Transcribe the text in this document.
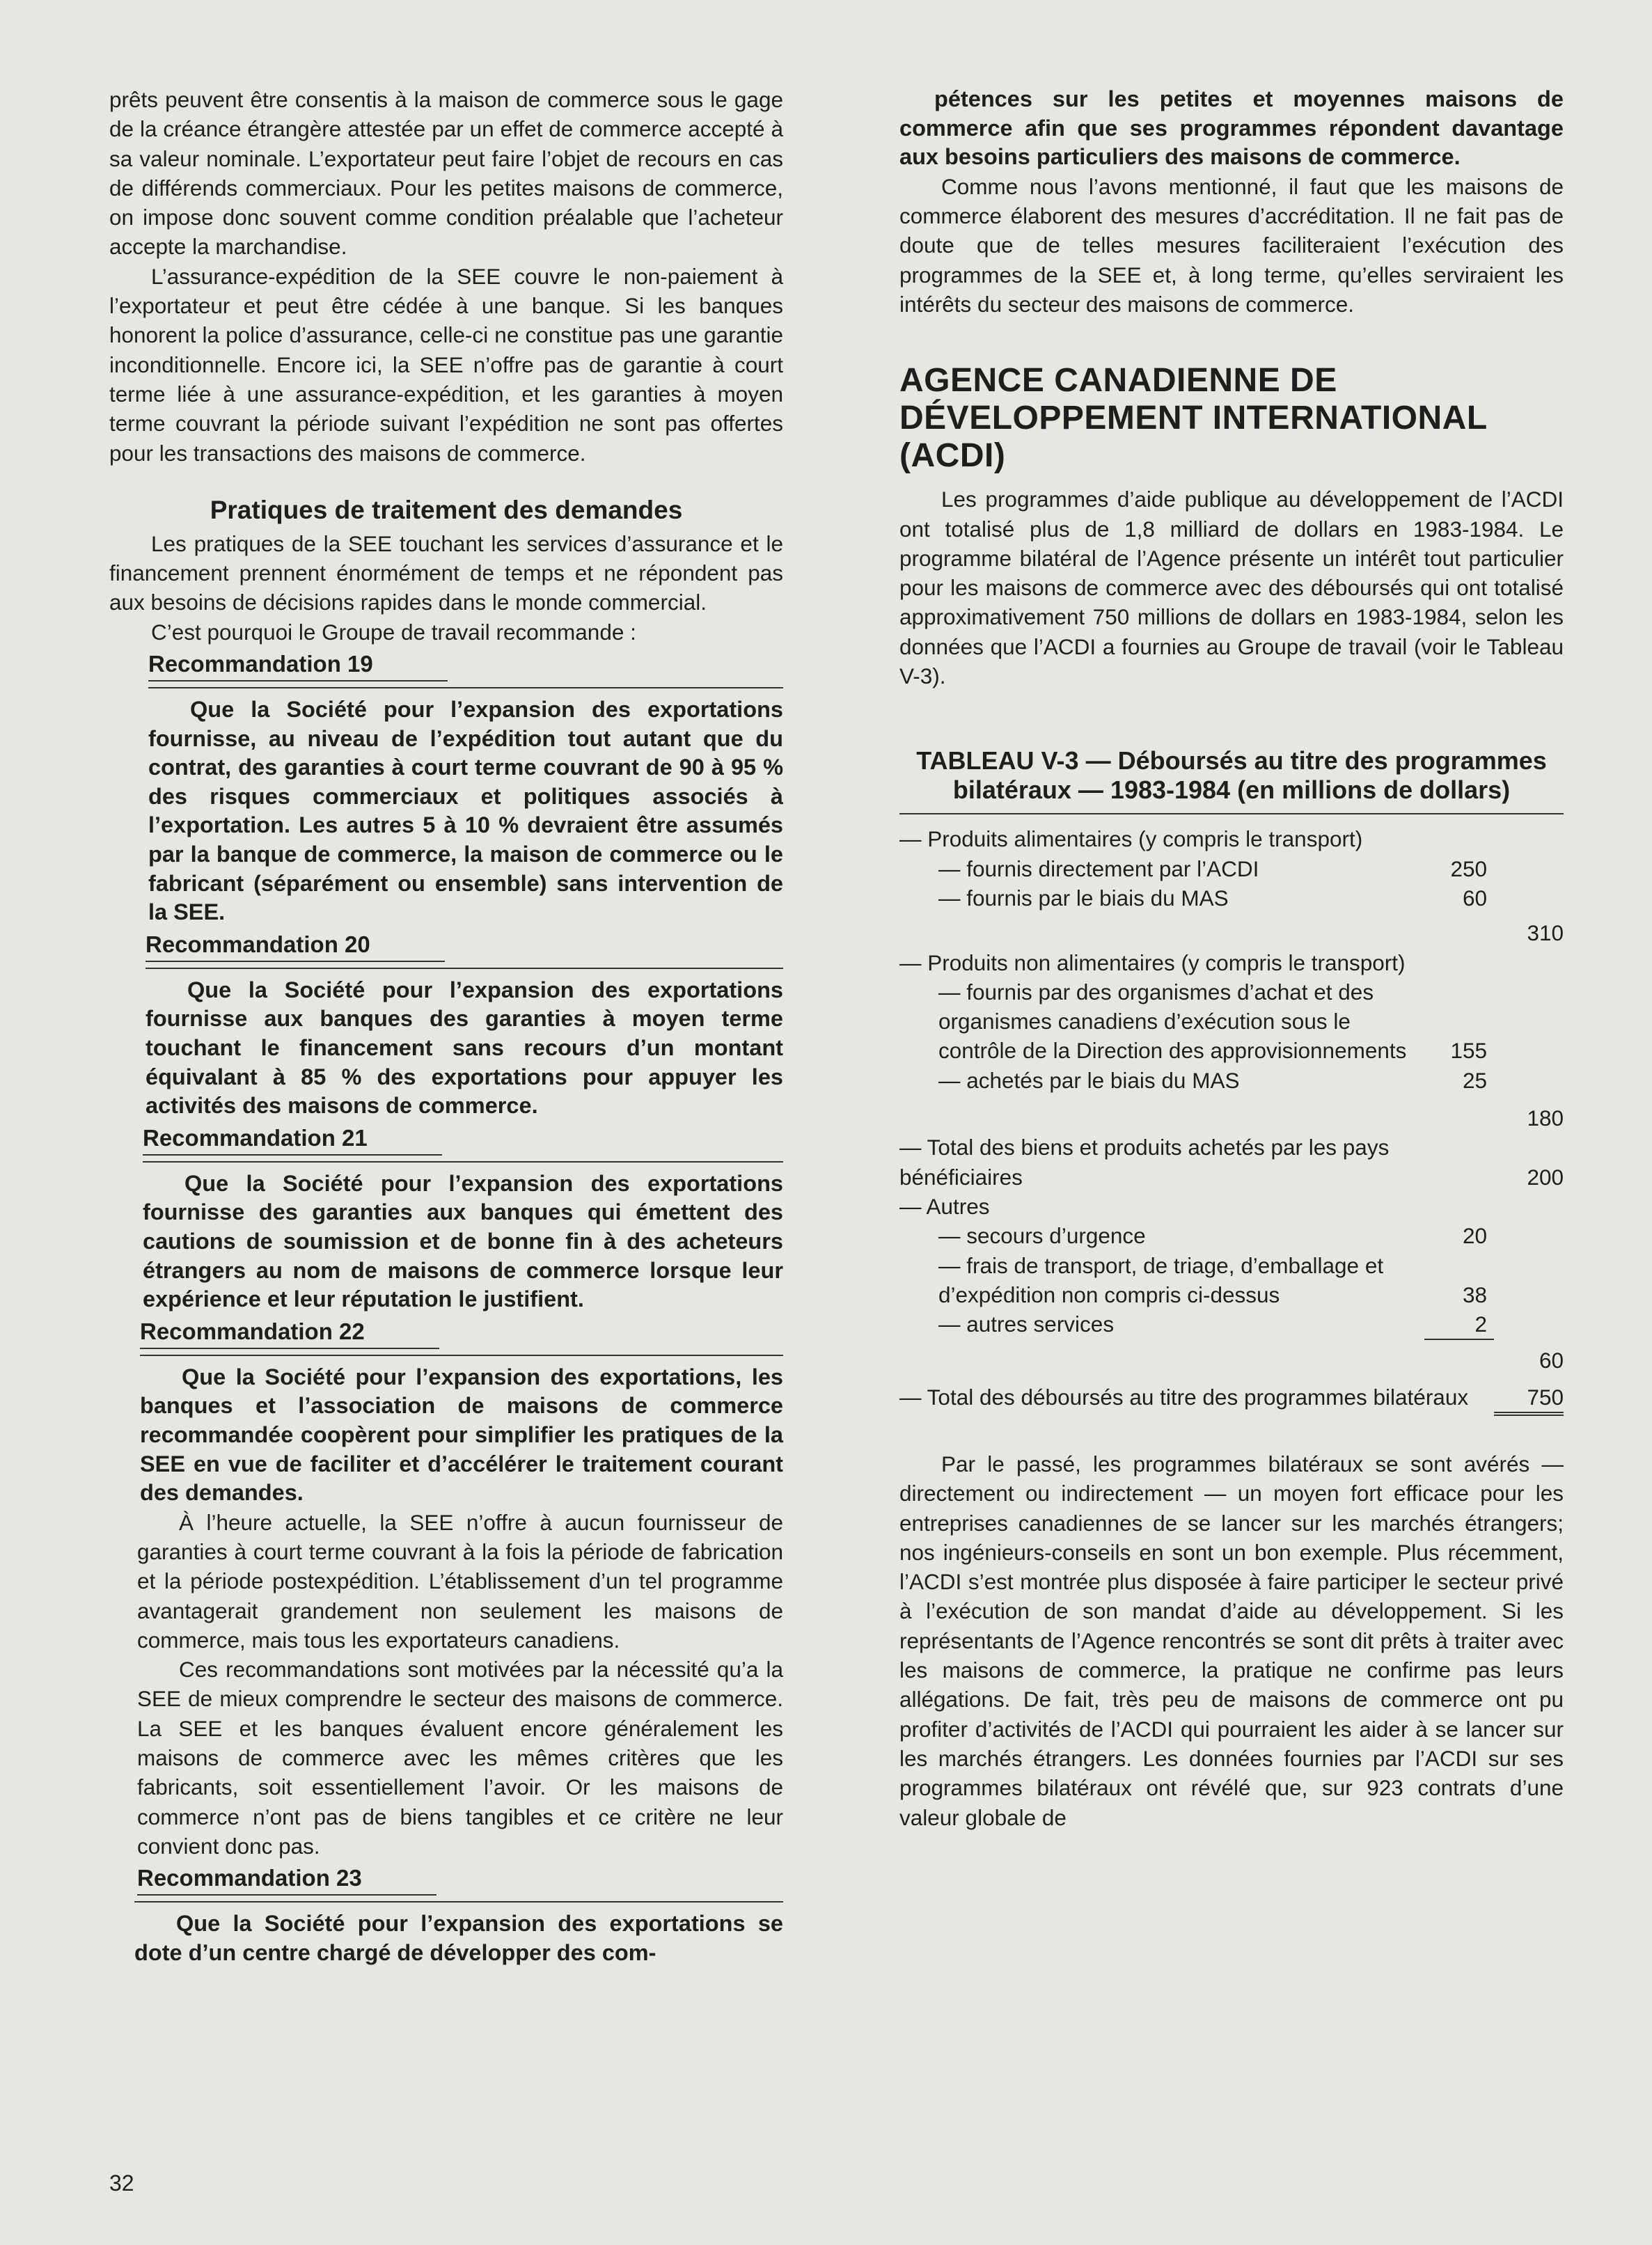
prêts peuvent être consentis à la maison de commerce sous le gage de la créance étrangère attestée par un effet de commerce accepté à sa valeur nominale. L’exportateur peut faire l’objet de recours en cas de différends commerciaux. Pour les petites maisons de commerce, on impose donc souvent comme condition préalable que l’acheteur accepte la marchandise.

L’assurance-expédition de la SEE couvre le non-paiement à l’exportateur et peut être cédée à une banque. Si les banques honorent la police d’assurance, celle-ci ne constitue pas une garantie inconditionnelle. Encore ici, la SEE n’offre pas de garantie à court terme liée à une assurance-expédition, et les garanties à moyen terme couvrant la période suivant l’expédition ne sont pas offertes pour les transactions des maisons de commerce.

Pratiques de traitement des demandes

Les pratiques de la SEE touchant les services d’assurance et le financement prennent énormément de temps et ne répondent pas aux besoins de décisions rapides dans le monde commercial.

C’est pourquoi le Groupe de travail recommande :

Recommandation 19

Que la Société pour l’expansion des exportations fournisse, au niveau de l’expédition tout autant que du contrat, des garanties à court terme couvrant de 90 à 95 % des risques commerciaux et politiques associés à l’exportation. Les autres 5 à 10 % devraient être assumés par la banque de commerce, la maison de commerce ou le fabricant (séparément ou ensemble) sans intervention de la SEE.

Recommandation 20

Que la Société pour l’expansion des exportations fournisse aux banques des garanties à moyen terme touchant le financement sans recours d’un montant équivalant à 85 % des exportations pour appuyer les activités des maisons de commerce.

Recommandation 21

Que la Société pour l’expansion des exportations fournisse des garanties aux banques qui émettent des cautions de soumission et de bonne fin à des acheteurs étrangers au nom de maisons de commerce lorsque leur expérience et leur réputation le justifient.

Recommandation 22

Que la Société pour l’expansion des exportations, les banques et l’association de maisons de commerce recommandée coopèrent pour simplifier les pratiques de la SEE en vue de faciliter et d’accélérer le traitement courant des demandes.

À l’heure actuelle, la SEE n’offre à aucun fournisseur de garanties à court terme couvrant à la fois la période de fabrication et la période postexpédition. L’établissement d’un tel programme avantagerait grandement non seulement les maisons de commerce, mais tous les exportateurs canadiens.

Ces recommandations sont motivées par la nécessité qu’a la SEE de mieux comprendre le secteur des maisons de commerce. La SEE et les banques évaluent encore généralement les maisons de commerce avec les mêmes critères que les fabricants, soit essentiellement l’avoir. Or les maisons de commerce n’ont pas de biens tangibles et ce critère ne leur convient donc pas.

Recommandation 23

Que la Société pour l’expansion des exportations se dote d’un centre chargé de développer des com-

pétences sur les petites et moyennes maisons de commerce afin que ses programmes répondent davantage aux besoins particuliers des maisons de commerce.

Comme nous l’avons mentionné, il faut que les maisons de commerce élaborent des mesures d’accréditation. Il ne fait pas de doute que de telles mesures faciliteraient l’exécution des programmes de la SEE et, à long terme, qu’elles serviraient les intérêts du secteur des maisons de commerce.

AGENCE CANADIENNE DE DÉVELOPPEMENT INTERNATIONAL (ACDI)

Les programmes d’aide publique au développement de l’ACDI ont totalisé plus de 1,8 milliard de dollars en 1983-1984. Le programme bilatéral de l’Agence présente un intérêt tout particulier pour les maisons de commerce avec des déboursés qui ont totalisé approximativement 750 millions de dollars en 1983-1984, selon les données que l’ACDI a fournies au Groupe de travail (voir le Tableau V-3).

TABLEAU V-3 — Déboursés au titre des programmes bilatéraux — 1983-1984 (en millions de dollars)
— Produits alimentaires (y compris le transport)
— fournis directement par l’ACDI	250
— fournis par le biais du MAS	60
310
— Produits non alimentaires (y compris le transport)
— fournis par des organismes d’achat et des organismes canadiens d’exécution sous le contrôle de la Direction des approvisionnements	155
— achetés par le biais du MAS	25
180
— Total des biens et produits achetés par les pays bénéficiaires	200
— Autres
— secours d’urgence	20
— frais de transport, de triage, d’emballage et d’expédition non compris ci-dessus	38
— autres services	2
60
— Total des déboursés au titre des programmes bilatéraux	750

Par le passé, les programmes bilatéraux se sont avérés — directement ou indirectement — un moyen fort efficace pour les entreprises canadiennes de se lancer sur les marchés étrangers; nos ingénieurs-conseils en sont un bon exemple. Plus récemment, l’ACDI s’est montrée plus disposée à faire participer le secteur privé à l’exécution de son mandat d’aide au développement. Si les représentants de l’Agence rencontrés se sont dit prêts à traiter avec les maisons de commerce, la pratique ne confirme pas leurs allégations. De fait, très peu de maisons de commerce ont pu profiter d’activités de l’ACDI qui pourraient les aider à se lancer sur les marchés étrangers. Les données fournies par l’ACDI sur ses programmes bilatéraux ont révélé que, sur 923 contrats d’une valeur globale de

32
